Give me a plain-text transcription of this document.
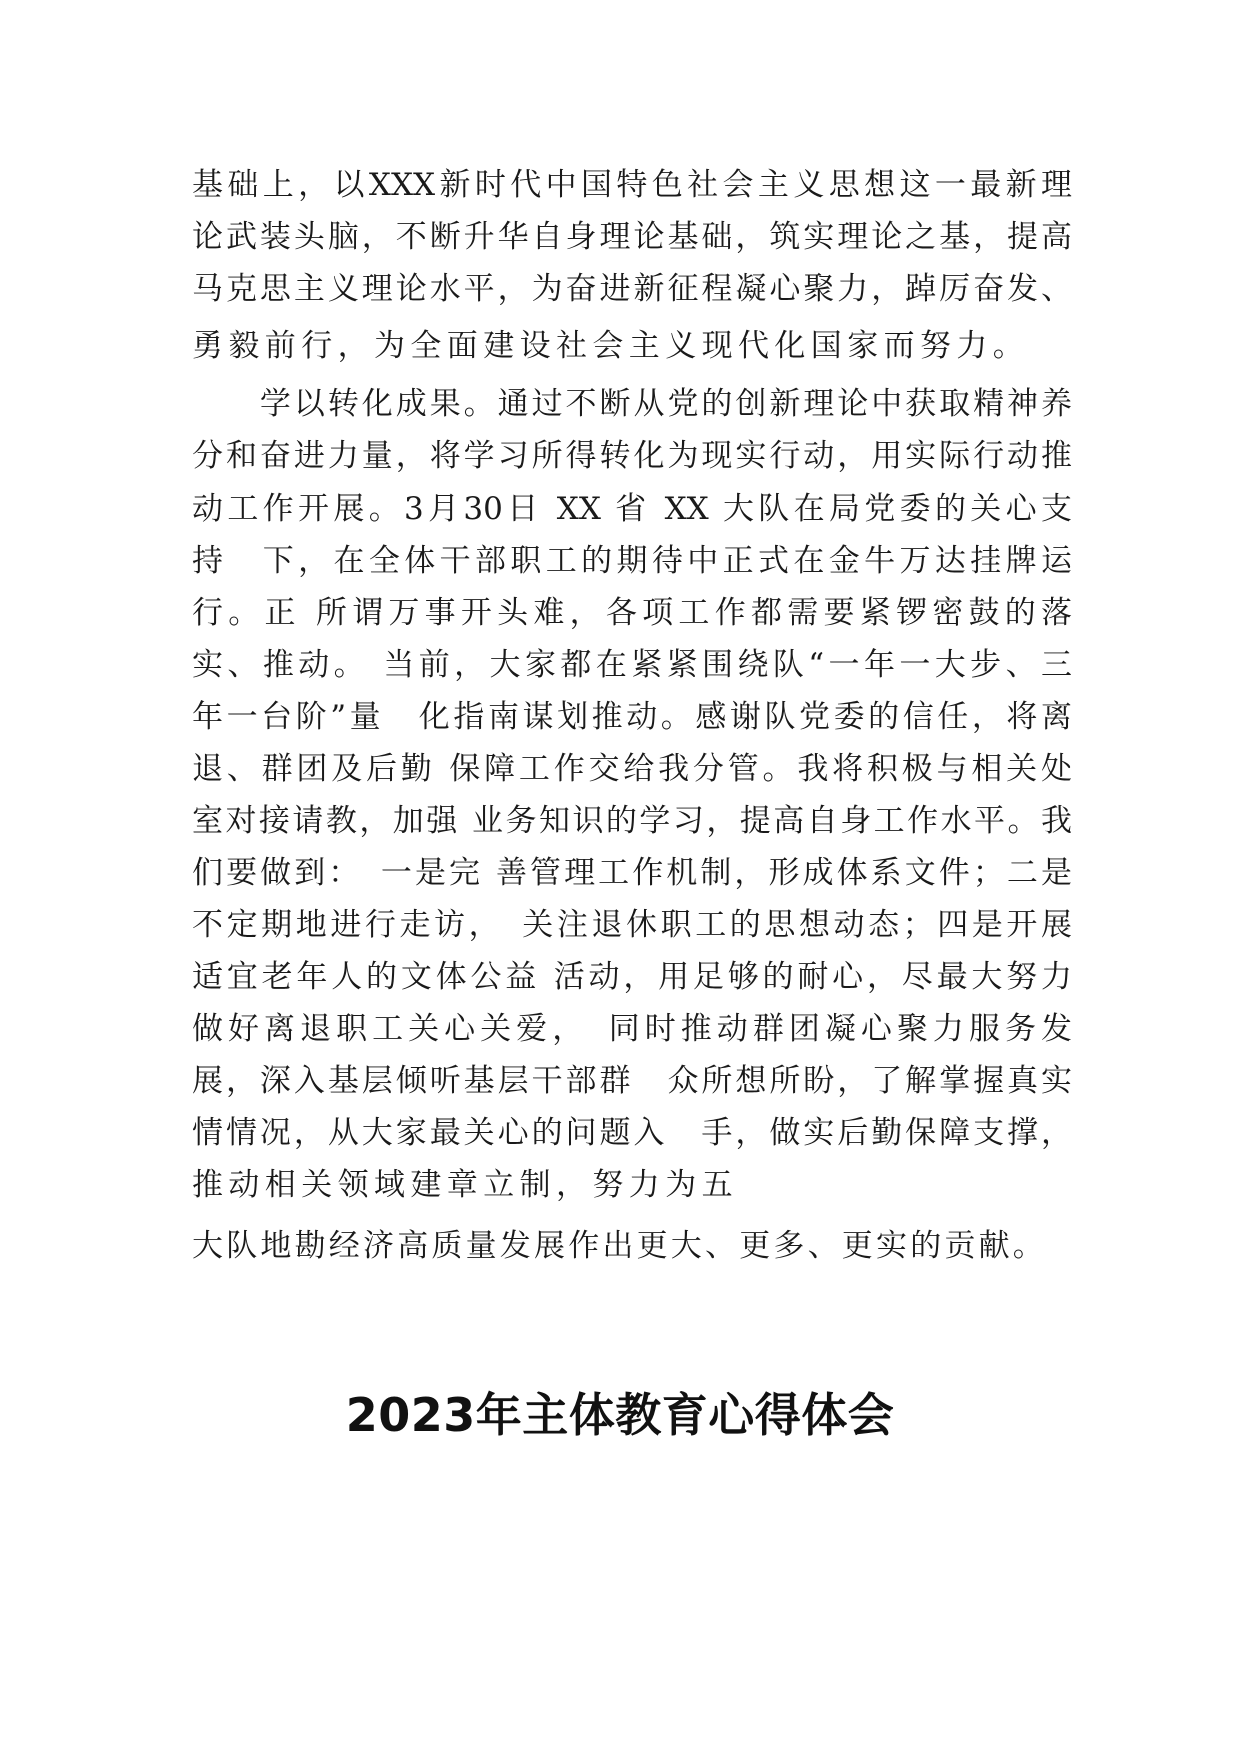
基础上，以XXX新时代中国特色社会主义思想这一最新理
论武装头脑，不断升华自身理论基础，筑实理论之基，提高
马克思主义理论水平，为奋进新征程凝心聚力，踔厉奋发、
勇毅前行，为全面建设社会主义现代化国家而努力。
　　学以转化成果。通过不断从党的创新理论中获取精神养
分和奋进力量，将学习所得转化为现实行动，用实际行动推
动工作开展。3月30日 XX 省 XX 大队在局党委的关心支
持　下，在全体干部职工的期待中正式在金牛万达挂牌运
行。正 所谓万事开头难，各项工作都需要紧锣密鼓的落
实、推动。 当前，大家都在紧紧围绕队“一年一大步、三
年一台阶”量　化指南谋划推动。感谢队党委的信任，将离
退、群团及后勤 保障工作交给我分管。我将积极与相关处
室对接请教，加强 业务知识的学习，提高自身工作水平。我
们要做到：　一是完 善管理工作机制，形成体系文件；二是
不定期地进行走访，　关注退休职工的思想动态；四是开展
适宜老年人的文体公益 活动，用足够的耐心，尽最大努力
做好离退职工关心关爱，　同时推动群团凝心聚力服务发
展，深入基层倾听基层干部群　众所想所盼，了解掌握真实
情情况，从大家最关心的问题入　手，做实后勤保障支撑，
推动相关领域建章立制，努力为五
大队地勘经济高质量发展作出更大、更多、更实的贡献。
2023年主体教育心得体会
